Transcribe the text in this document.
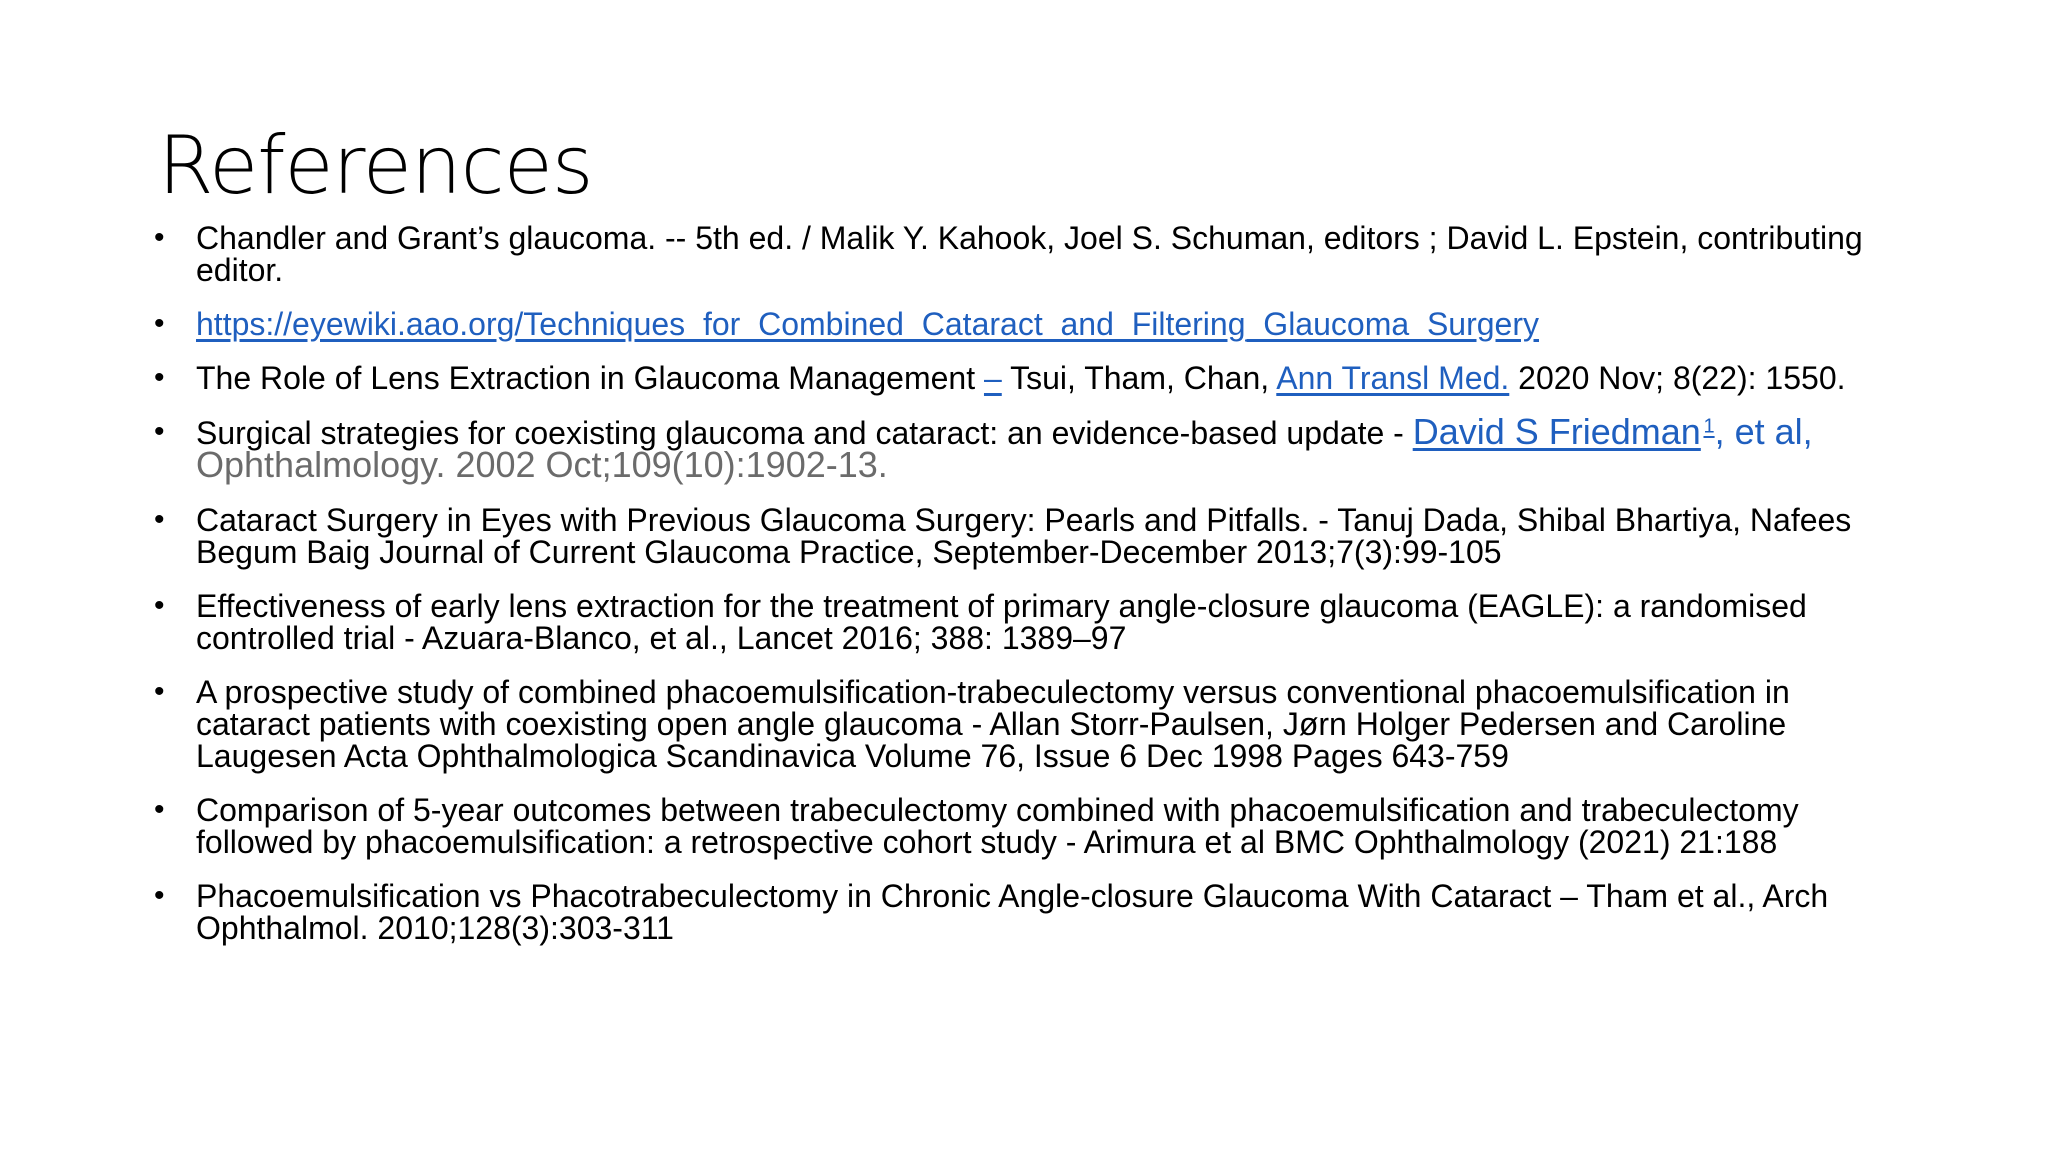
References
• Chandler and Grant’s glaucoma. -- 5th ed. / Malik Y. Kahook, Joel S. Schuman, editors ; David L. Epstein, contributing editor.
• https://eyewiki.aao.org/Techniques_for_Combined_Cataract_and_Filtering_Glaucoma_Surgery
• The Role of Lens Extraction in Glaucoma Management – Tsui, Tham, Chan, Ann Transl Med. 2020 Nov; 8(22): 1550.
• Surgical strategies for coexisting glaucoma and cataract: an evidence-based update - David S Friedman  $^1$, et al, Ophthalmology. 2002 Oct;109(10):1902-13.
• Cataract Surgery in Eyes with Previous Glaucoma Surgery: Pearls and Pitfalls. - Tanuj Dada, Shibal Bhartiya, Nafees Begum Baig Journal of Current Glaucoma Practice, September-December 2013;7(3):99-105
• Effectiveness of early lens extraction for the treatment of primary angle-closure glaucoma (EAGLE): a randomised controlled trial - Azuara-Blanco, et al., Lancet 2016; 388: 1389–97
• A prospective study of combined phacoemulsification-trabeculectomy versus conventional phacoemulsification in cataract patients with coexisting open angle glaucoma - Allan Storr-Paulsen, Jørn Holger Pedersen and Caroline Laugesen Acta Ophthalmologica Scandinavica Volume 76, Issue 6 Dec 1998 Pages 643-759
• Comparison of 5-year outcomes between trabeculectomy combined with phacoemulsification and trabeculectomy followed by phacoemulsification: a retrospective cohort study - Arimura et al BMC Ophthalmology (2021) 21:188
• Phacoemulsification vs Phacotrabeculectomy in Chronic Angle-closure Glaucoma With Cataract – Tham et al., Arch Ophthalmol. 2010;128(3):303-311
